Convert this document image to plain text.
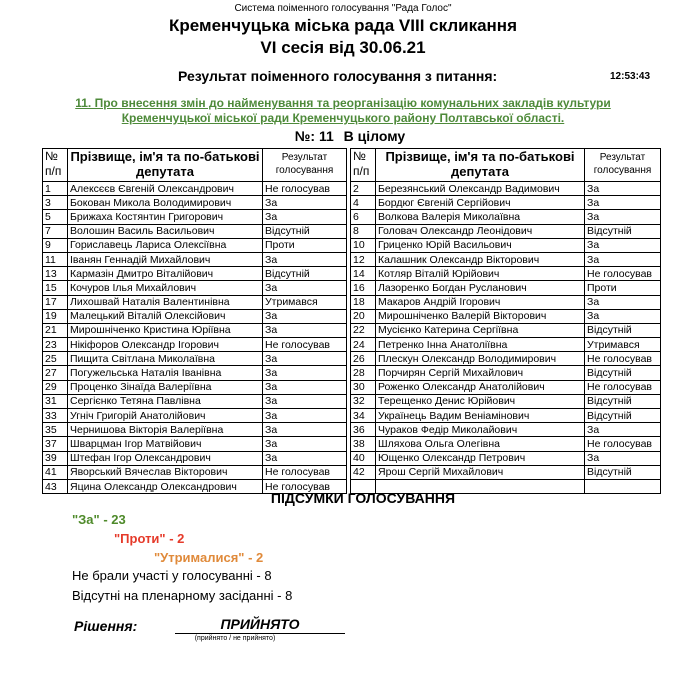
Система поіменного голосування "Рада Голос"
Кременчуцька міська рада VIII скликання
VI сесія від 30.06.21
Результат поіменного голосування з питання:	12:53:43
11. Про внесення змін до найменування та реорганізацію комунальних закладів культури
Кременчуцької міської ради Кременчуцького району Полтавської області.
№: 11 В цілому
№
п/п

Прізвище, ім'я та по-батькові
депутата

Результат
голосування

1	Алексєєв Євгеній Олександрович	Не голосував
3	Бокован Микола Володимирович	За
5	Брижаха Костянтин Григорович	За
7	Волошин Василь Васильович	Відсутній
9	Гориславець Лариса Олексіївна	Проти
11	Іванян Геннадій Михайлович	За
13	Кармазін Дмитро Віталійович	Відсутній
15	Кочуров Ілья Михайлович	За
17	Лихошвай Наталія Валентинівна	Утримався
19	Малецький Віталій Олексійович	За
21	Мирошніченко Кристина Юріївна	За
23	Нікіфоров Олександр Ігорович	Не голосував
25	Пищита Світлана Миколаївна	За
27	Погужельська Наталія Іванівна	За
29	Проценко Зінаїда Валеріївна	За
31	Сергієнко Тетяна Павлівна	За
33	Угніч Григорій Анатолійович	За
35	Чернишова Вікторія Валеріївна	За
37	Шварцман Ігор Матвійович	За
39	Штефан Ігор Олександрович	За
41	Яворський Вячеслав Вікторович	Не голосував
43	Яцина Олександр Олександрович	Не голосував
№
п/п

Прізвище, ім'я та по-батькові
депутата

Результат
голосування

2	Березянський Олександр Вадимович	За
4	Бордюг Євгеній Сергійович	За
6	Волкова Валерія Миколаївна	За
8	Головач Олександр Леонідович	Відсутній
10	Гриценко Юрій Васильович	За
12	Калашник Олександр Вікторович	За
14	Котляр Віталій Юрійович	Не голосував
16	Лазоренко Богдан Русланович	Проти
18	Макаров Андрій Ігорович	За
20	Мирошніченко Валерій Вікторович	За
22	Мусієнко Катерина Сергіївна	Відсутній
24	Петренко Інна Анатоліївна	Утримався
26	Плескун Олександр Володимирович	Не голосував
28	Порчирян Сергій Михайлович	Відсутній
30	Роженко Олександр Анатолійович	Не голосував
32	Терещенко Денис Юрійович	Відсутній
34	Українець Вадим Веніамінович	Відсутній
36	Чураков Федір Миколайович	За
38	Шляхова Ольга Олегівна	Не голосував
40	Ющенко Олександр Петрович	За
42	Ярош Сергій Михайлович	Відсутній

ПІДСУМКИ ГОЛОСУВАННЯ
"За" - 23
"Проти" - 2
"Утрималися" - 2
Не брали участі у голосуванні - 8
Відсутні на пленарному засіданні - 8
Рішення:	ПРИЙНЯТО
(прийнято / не прийнято)
